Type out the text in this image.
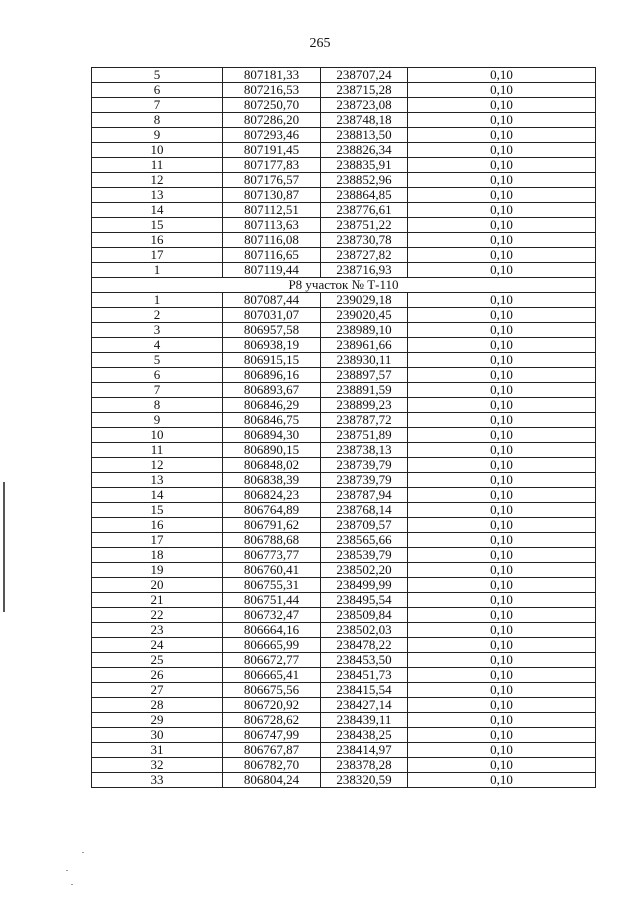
265
5	807181,33	238707,24	0,10
6	807216,53	238715,28	0,10
7	807250,70	238723,08	0,10
8	807286,20	238748,18	0,10
9	807293,46	238813,50	0,10
10	807191,45	238826,34	0,10
11	807177,83	238835,91	0,10
12	807176,57	238852,96	0,10
13	807130,87	238864,85	0,10
14	807112,51	238776,61	0,10
15	807113,63	238751,22	0,10
16	807116,08	238730,78	0,10
17	807116,65	238727,82	0,10
1	807119,44	238716,93	0,10
Р8 участок № Т-110			
1	807087,44	239029,18	0,10
2	807031,07	239020,45	0,10
3	806957,58	238989,10	0,10
4	806938,19	238961,66	0,10
5	806915,15	238930,11	0,10
6	806896,16	238897,57	0,10
7	806893,67	238891,59	0,10
8	806846,29	238899,23	0,10
9	806846,75	238787,72	0,10
10	806894,30	238751,89	0,10
11	806890,15	238738,13	0,10
12	806848,02	238739,79	0,10
13	806838,39	238739,79	0,10
14	806824,23	238787,94	0,10
15	806764,89	238768,14	0,10
16	806791,62	238709,57	0,10
17	806788,68	238565,66	0,10
18	806773,77	238539,79	0,10
19	806760,41	238502,20	0,10
20	806755,31	238499,99	0,10
21	806751,44	238495,54	0,10
22	806732,47	238509,84	0,10
23	806664,16	238502,03	0,10
24	806665,99	238478,22	0,10
25	806672,77	238453,50	0,10
26	806665,41	238451,73	0,10
27	806675,56	238415,54	0,10
28	806720,92	238427,14	0,10
29	806728,62	238439,11	0,10
30	806747,99	238438,25	0,10
31	806767,87	238414,97	0,10
32	806782,70	238378,28	0,10
33	806804,24	238320,59	0,10
